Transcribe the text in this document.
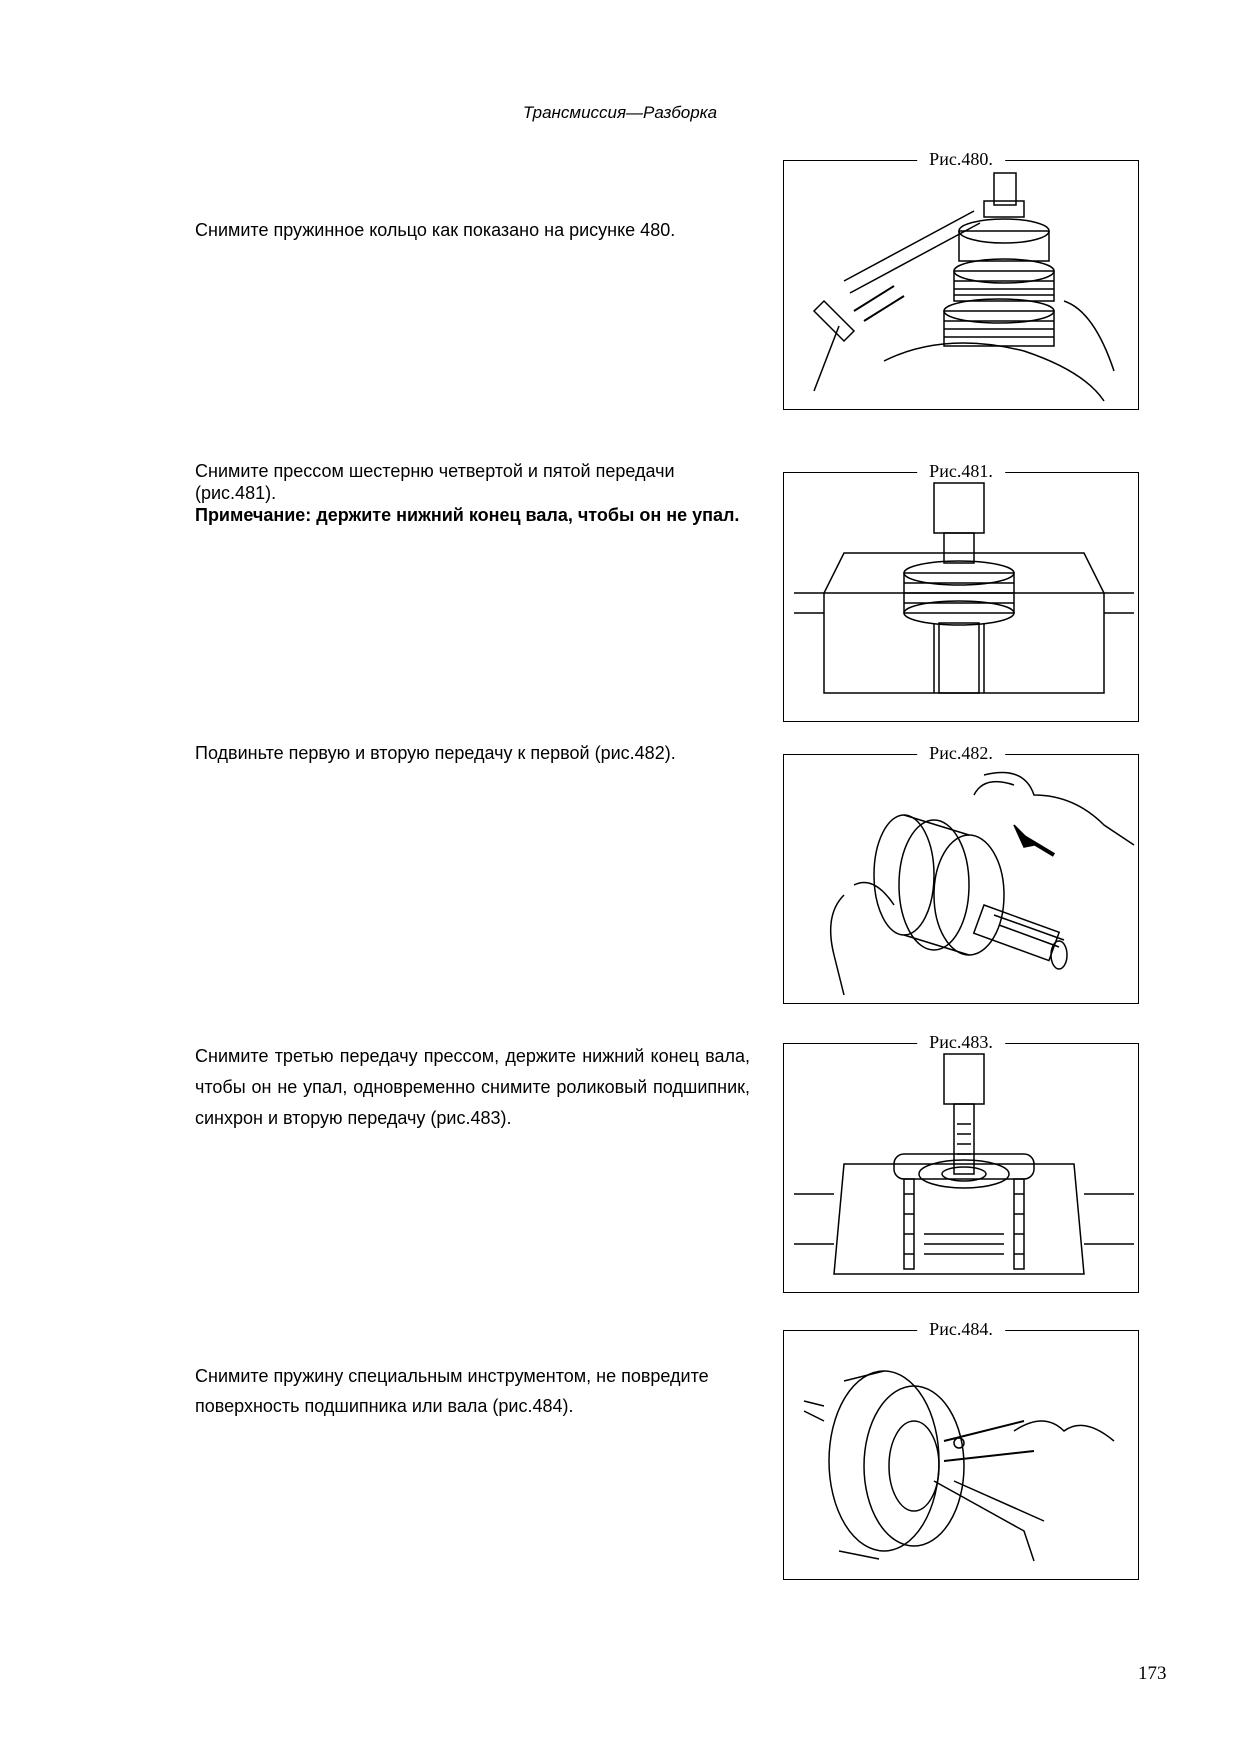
Трансмиссия—Разборка
Снимите пружинное кольцо как показано на рисунке 480.
Рис.480.
Снимите прессом шестерню четвертой и пятой передачи (рис.481).
Примечание: держите нижний конец вала, чтобы он не упал.
Рис.481.
Подвиньте первую и вторую передачу к первой (рис.482).	Рис.482.
Снимите третью передачу прессом, держите нижний конец вала, чтобы он не упал, одновременно снимите роликовый подшипник, синхрон и вторую передачу (рис.483).
Рис.483.
Снимите пружину специальным инструментом, не повредите поверхность подшипника или вала (рис.484).
Рис.484.
173
